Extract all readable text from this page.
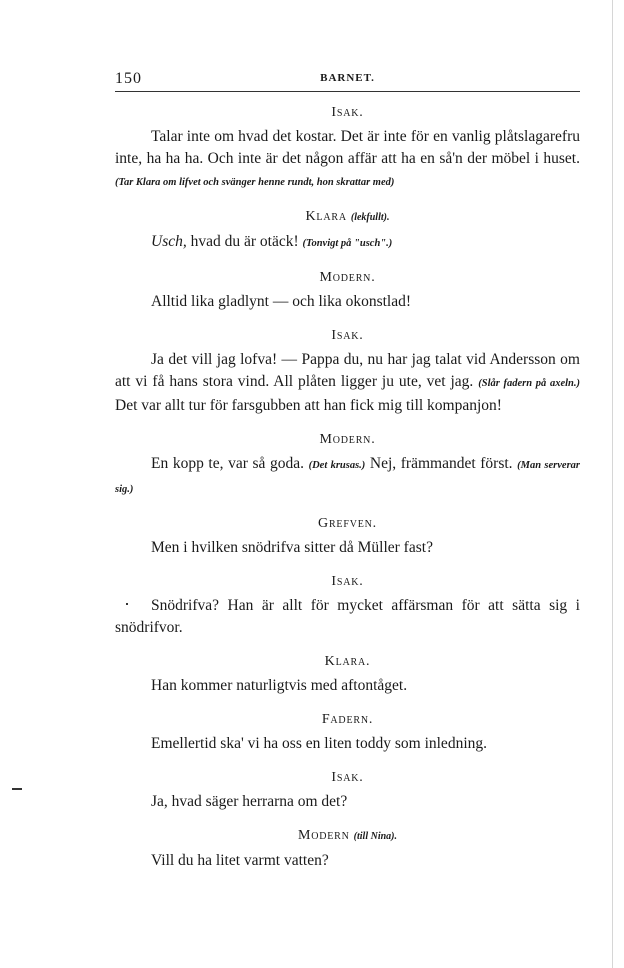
150	BARNET.
Isak.

Talar inte om hvad det kostar. Det är inte för en vanlig plåtslagarefru inte, ha ha ha. Och inte är det någon affär att ha en så'n der möbel i huset. (Tar Klara om lifvet och svänger henne rundt, hon skrattar med)

Klara (lekfullt).

Usch, hvad du är otäck! (Tonvigt på "usch".)

Modern.

Alltid lika gladlynt — och lika okonstlad!

Isak.

Ja det vill jag lofva! — Pappa du, nu har jag talat vid Andersson om att vi få hans stora vind. All plåten ligger ju ute, vet jag. (Slår fadern på axeln.) Det var allt tur för farsgubben att han fick mig till kompanjon!

Modern.

En kopp te, var så goda. (Det krusas.) Nej, främmandet först. (Man serverar sig.)

Grefven.

Men i hvilken snödrifva sitter då Müller fast?

Isak.

Snödrifva? Han är allt för mycket affärsman för att sätta sig i snödrifvor.

Klara.

Han kommer naturligtvis med aftontåget.

Fadern.

Emellertid ska' vi ha oss en liten toddy som inledning.

Isak.

Ja, hvad säger herrarna om det?

Modern (till Nina).

Vill du ha litet varmt vatten?
